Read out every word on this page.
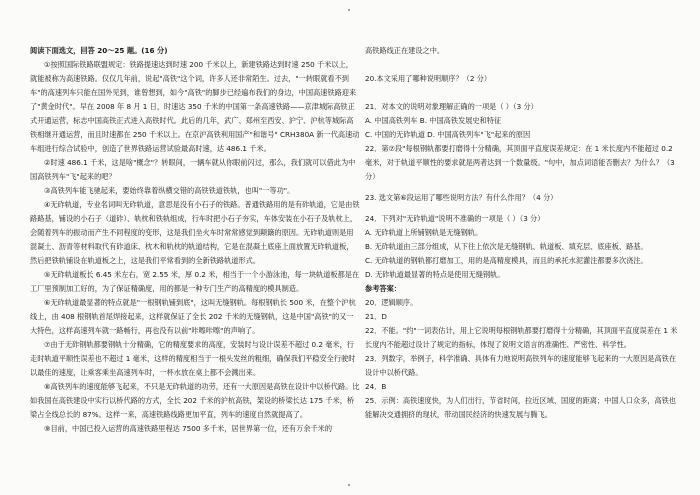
阅读下面选文，回答 20～25 题。(16 分)

①按照国际铁路联盟规定：铁路提速达到时速 200 千米以上，新建铁路达到时速 250 千米以上，就能被称为高速铁路。仅仅几年前，说起"高铁"这个词，许多人还非常陌生。过去，"一转眼就看不到车"的高速列车只能在国外见到，谁曾想到，如今"高铁"的脚步已经遍布我们的身边，中国高速铁路迎来了"黄金时代"。早在 2008 年 8 月 1 日，时速达 350 千米的中国第一条高速铁路——京津城际高铁正式开通运营，标志中国高铁正式进入高铁时代。此后的几年，武广、郑州至西安、沪宁、沪杭等城际高铁相继开通运营，而且时速都在 250 千米以上。在京沪高铁利用国产"和谐号" CRH380A 新一代高速动车组进行综合试验中，创造了世界铁路运营试验最高时速，达 486.1 千米。

②时速 486.1 千米，这是啥"概念"？转眼间，一辆车就从你眼前闪过，那么，我们就可以借此为中国高铁列车"飞"起来的吧？

③高铁列车能飞驰起来，要始终靠着纵横交错的高铁铁道铁轨，也叫"一等功"。

④无砟轨道，专业名词叫无砟轨道，意思是没有小石子的铁路。普通铁路用的是有砟轨道，它是由铁路路基，铺设的小石子（道砟）、轨枕和铁轨组成，行车时把小石子夯实，车体安装在小石子及轨枕上，会随着列车的振动而产生不同程度的变形，这是我们坐火车时常常感觉到颠簸的原因。无砟轨道则是用混凝土、沥青等材料取代有砟道床、枕木和轨枕的轨道结构，它是在混凝土底座上面放置无砟轨道板，然后把铁轨铺设在轨道板之上，这是我们平常看到的全新铁路轨道形式。

⑤无砟轨道板长 6.45 米左右，宽 2.55 米，厚 0.2 米，相当于一个小游泳池，每一块轨道板都是在工厂里预制加工好的，为了保证精确度，用的都是一种专门生产的高精度的模具制造。

⑥无砟轨道最显著的特点就是"一根钢轨铺到底"，这叫无缝钢轨。每根钢轨长 500 米，在整个沪杭线上，由 408 根钢轨首尾焊接起来，这样就保证了全长 202 千米的无缝钢轨，这是中国"高铁"的又一大特色，这样高速列车就一路畅行，再也没有以前"咔嚓咔嚓"的声响了。

⑦由于无砟钢轨都要钢轨十分精确，它的精度要求的高度，安装时与设计误差不超过 0.2 毫米，行走时轨道平顺性误差也不超过 1 毫米，这样的精度相当于一根头发丝的粗细，确保我们平稳安全行驶时以最佳的速度，让乘客乘坐高速列车时，一杯水放在桌上都不会溅出来。

⑧高铁列车的速度能够飞起来，不只是无砟轨道的功劳，还有一大原因是高铁在设计中以桥代路。比如我国在高铁建设中实行以桥代路的方式，全长 202 千米的沪杭高铁，架设的桥梁长达 175 千米，桥梁占全线总长的 87%。这样一来，高速铁路线路更加平直，列车的速度自然就提高了。

⑨目前，中国已投入运营的高速铁路里程达 7500 多千米，居世界第一位，还有万余千米的

高铁路线正在建设之中。

20.本文采用了哪种说明顺序？（2 分）

21．对本文的说明对象理解正确的一项是（ ）（3 分）

A. 中国高铁列车 B. 中国高铁发展史和特征

C. 中国的无砟轨道 D. 中国高铁列车"飞"起来的原因

22．第⑦段"每根钢轨都要打磨得十分精确，其顶面平直度误差规定：在 1 米长度内不能超过 0.2 毫米，对于轨道平顺性的要求就是两者达到一个数量级。"句中，加点词语能否删去？为什么？（3 分）

23. 选文第⑥段运用了哪些说明方法？有什么作用？（4 分）

24．下列对"无砟轨道"说明不准确的一项是（ ）（3 分）

A. 无砟轨道上所铺钢轨是无缝钢轨。

B. 无砟轨道由三部分组成，从下往上依次是无缝钢轨、轨道板、填充层、底座板、路基。

C. 无砟轨道的钢轨都打磨加工，用的是高精度模具，而且的承托水泥灌注都要多次浇注。

D. 无砟轨道最显著的特点是使用无缝钢轨。

参考答案：

20．逻辑顺序。

21．D

22．不能。"约"一词表估计，用上它说明每根钢轨都要打磨得十分精确，其顶面平直度误差在 1 米长度内不能超过设计了规定的指标，体现了说明文语言的准确性、严密性、科学性。

23．列数字，举例子，科学准确、具体有力地说明高铁列车的速度能够飞起来的一大原因是高铁在设计中以桥代路。

24．B

25．示例：高铁速度快，为人们出行，节省时间，拉近区域、国度的距离；中国人口众多，高铁也能解决交通拥挤的现状，带动国民经济的快速发展与腾飞。
